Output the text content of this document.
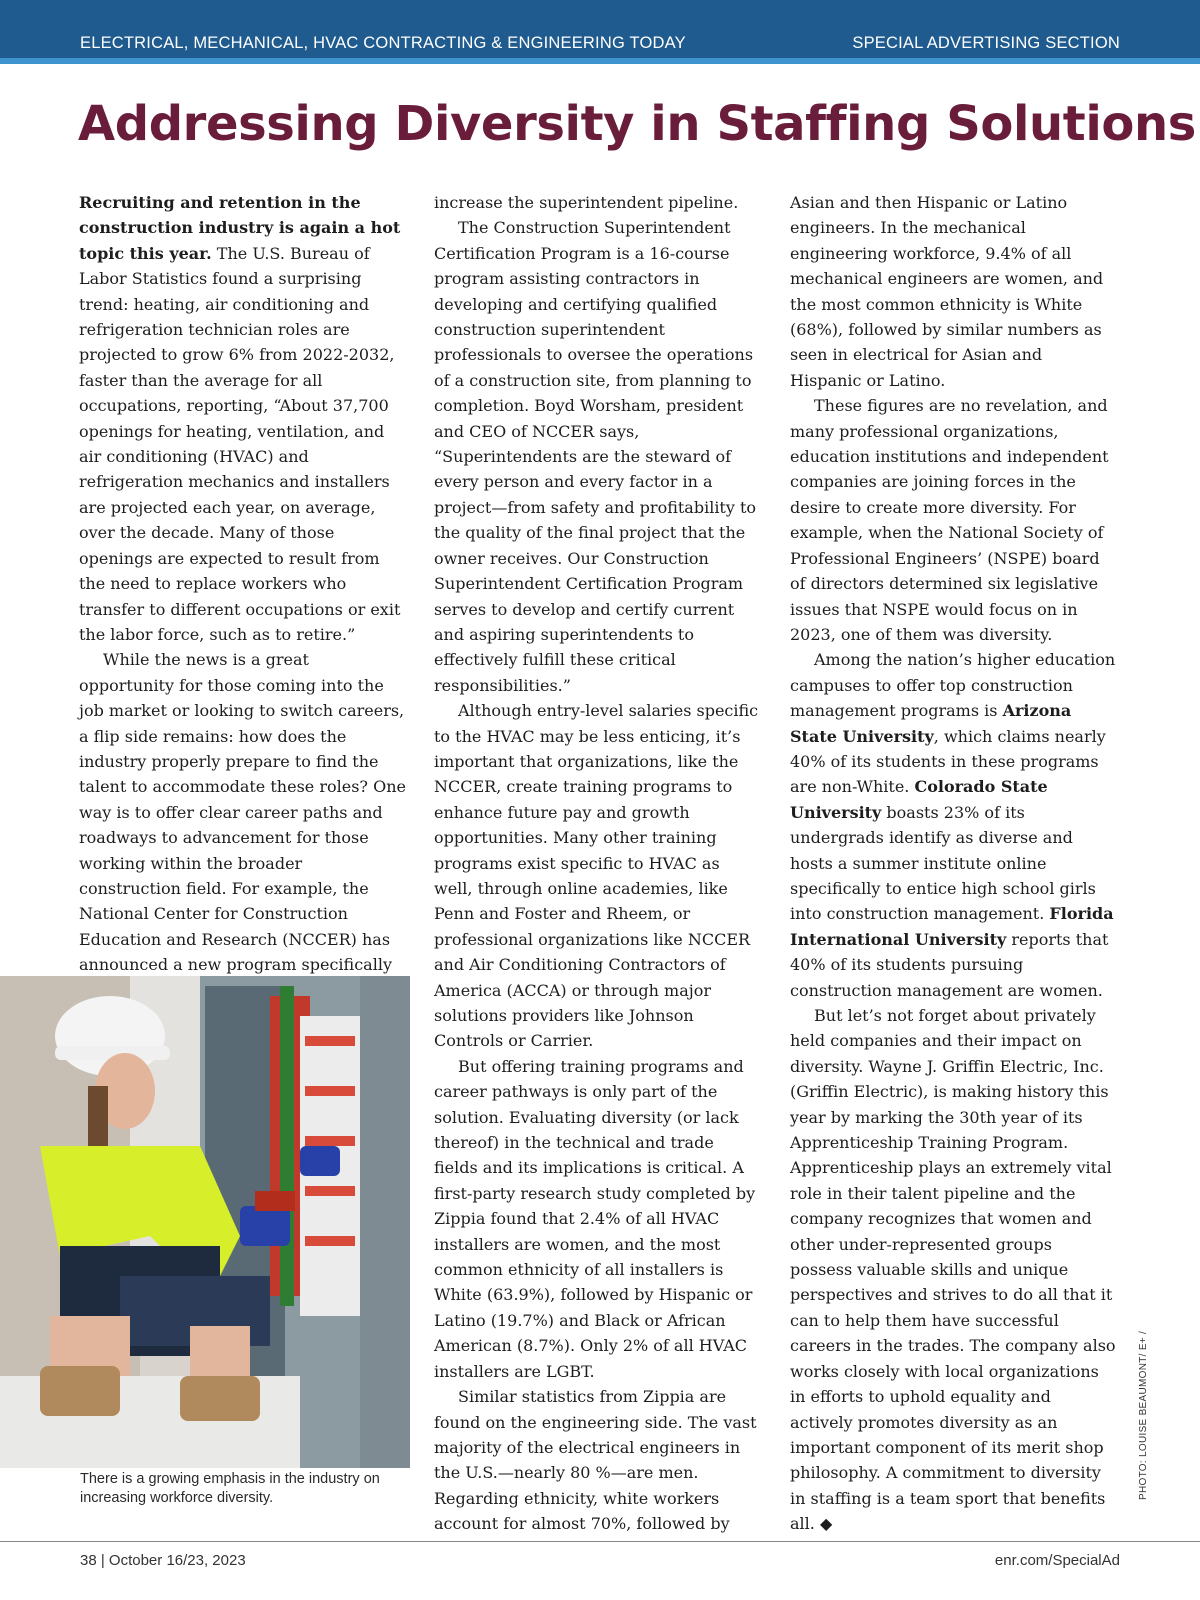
ELECTRICAL, MECHANICAL, HVAC CONTRACTING & ENGINEERING TODAY	SPECIAL ADVERTISING SECTION
Addressing Diversity in Staffing Solutions

Recruiting and retention in the construction industry is again a hot topic this year. The U.S. Bureau of Labor Statistics found a surprising trend: heating, air conditioning and refrigeration technician roles are projected to grow 6% from 2022-2032, faster than the average for all occupations, reporting, “About 37,700 openings for heating, ventilation, and air conditioning (HVAC) and refrigeration mechanics and installers are projected each year, on average, over the decade. Many of those openings are expected to result from the need to replace workers who transfer to different occupations or exit the labor force, such as to retire.”

While the news is a great opportunity for those coming into the job market or looking to switch careers, a flip side remains: how does the industry properly prepare to find the talent to accommodate these roles? One way is to offer clear career paths and roadways to advancement for those working within the broader construction field. For example, the National Center for Construction Education and Research (NCCER) has announced a new program specifically

increase the superintendent pipeline.

The Construction Superintendent Certification Program is a 16-course program assisting contractors in developing and certifying qualified construction superintendent professionals to oversee the operations of a construction site, from planning to completion. Boyd Worsham, president and CEO of NCCER says, “Superintendents are the steward of every person and every factor in a project—from safety and profitability to the quality of the final project that the owner receives. Our Construction Superintendent Certification Program serves to develop and certify current and aspiring superintendents to effectively fulfill these critical responsibilities.”

Although entry-level salaries specific to the HVAC may be less enticing, it’s important that organizations, like the NCCER, create training programs to enhance future pay and growth opportunities. Many other training programs exist specific to HVAC as well, through online academies, like Penn and Foster and Rheem, or professional organizations like NCCER and Air Conditioning Contractors of America (ACCA) or through major solutions providers like Johnson Controls or Carrier.

But offering training programs and career pathways is only part of the solution. Evaluating diversity (or lack thereof) in the technical and trade fields and its implications is critical. A first-party research study completed by Zippia found that 2.4% of all HVAC installers are women, and the most common ethnicity of all installers is White (63.9%), followed by Hispanic or Latino (19.7%) and Black or African American (8.7%). Only 2% of all HVAC installers are LGBT.

Similar statistics from Zippia are found on the engineering side. The vast majority of the electrical engineers in the U.S.—nearly 80 %—are men. Regarding ethnicity, white workers account for almost 70%, followed by

Asian and then Hispanic or Latino engineers. In the mechanical engineering workforce, 9.4% of all mechanical engineers are women, and the most common ethnicity is White (68%), followed by similar numbers as seen in electrical for Asian and Hispanic or Latino.

These figures are no revelation, and many professional organizations, education institutions and independent companies are joining forces in the desire to create more diversity. For example, when the National Society of Professional Engineers’ (NSPE) board of directors determined six legislative issues that NSPE would focus on in 2023, one of them was diversity.

Among the nation’s higher education campuses to offer top construction management programs is Arizona State University, which claims nearly 40% of its students in these programs are non-White. Colorado State University boasts 23% of its undergrads identify as diverse and hosts a summer institute online specifically to entice high school girls into construction management. Florida International University reports that 40% of its students pursuing construction management are women.

But let’s not forget about privately held companies and their impact on diversity. Wayne J. Griffin Electric, Inc. (Griffin Electric), is making history this year by marking the 30th year of its Apprenticeship Training Program. Apprenticeship plays an extremely vital role in their talent pipeline and the company recognizes that women and other under-represented groups possess valuable skills and unique perspectives and strives to do all that it can to help them have successful careers in the trades. The company also works closely with local organizations in efforts to uphold equality and actively promotes diversity as an important component of its merit shop philosophy. A commitment to diversity in staffing is a team sport that benefits all. ◆

There is a growing emphasis in the industry on increasing workforce diversity.	PHOTO: LOUISE BEAUMONT/ E+ /
38 | October 16/23, 2023	enr.com/SpecialAd
